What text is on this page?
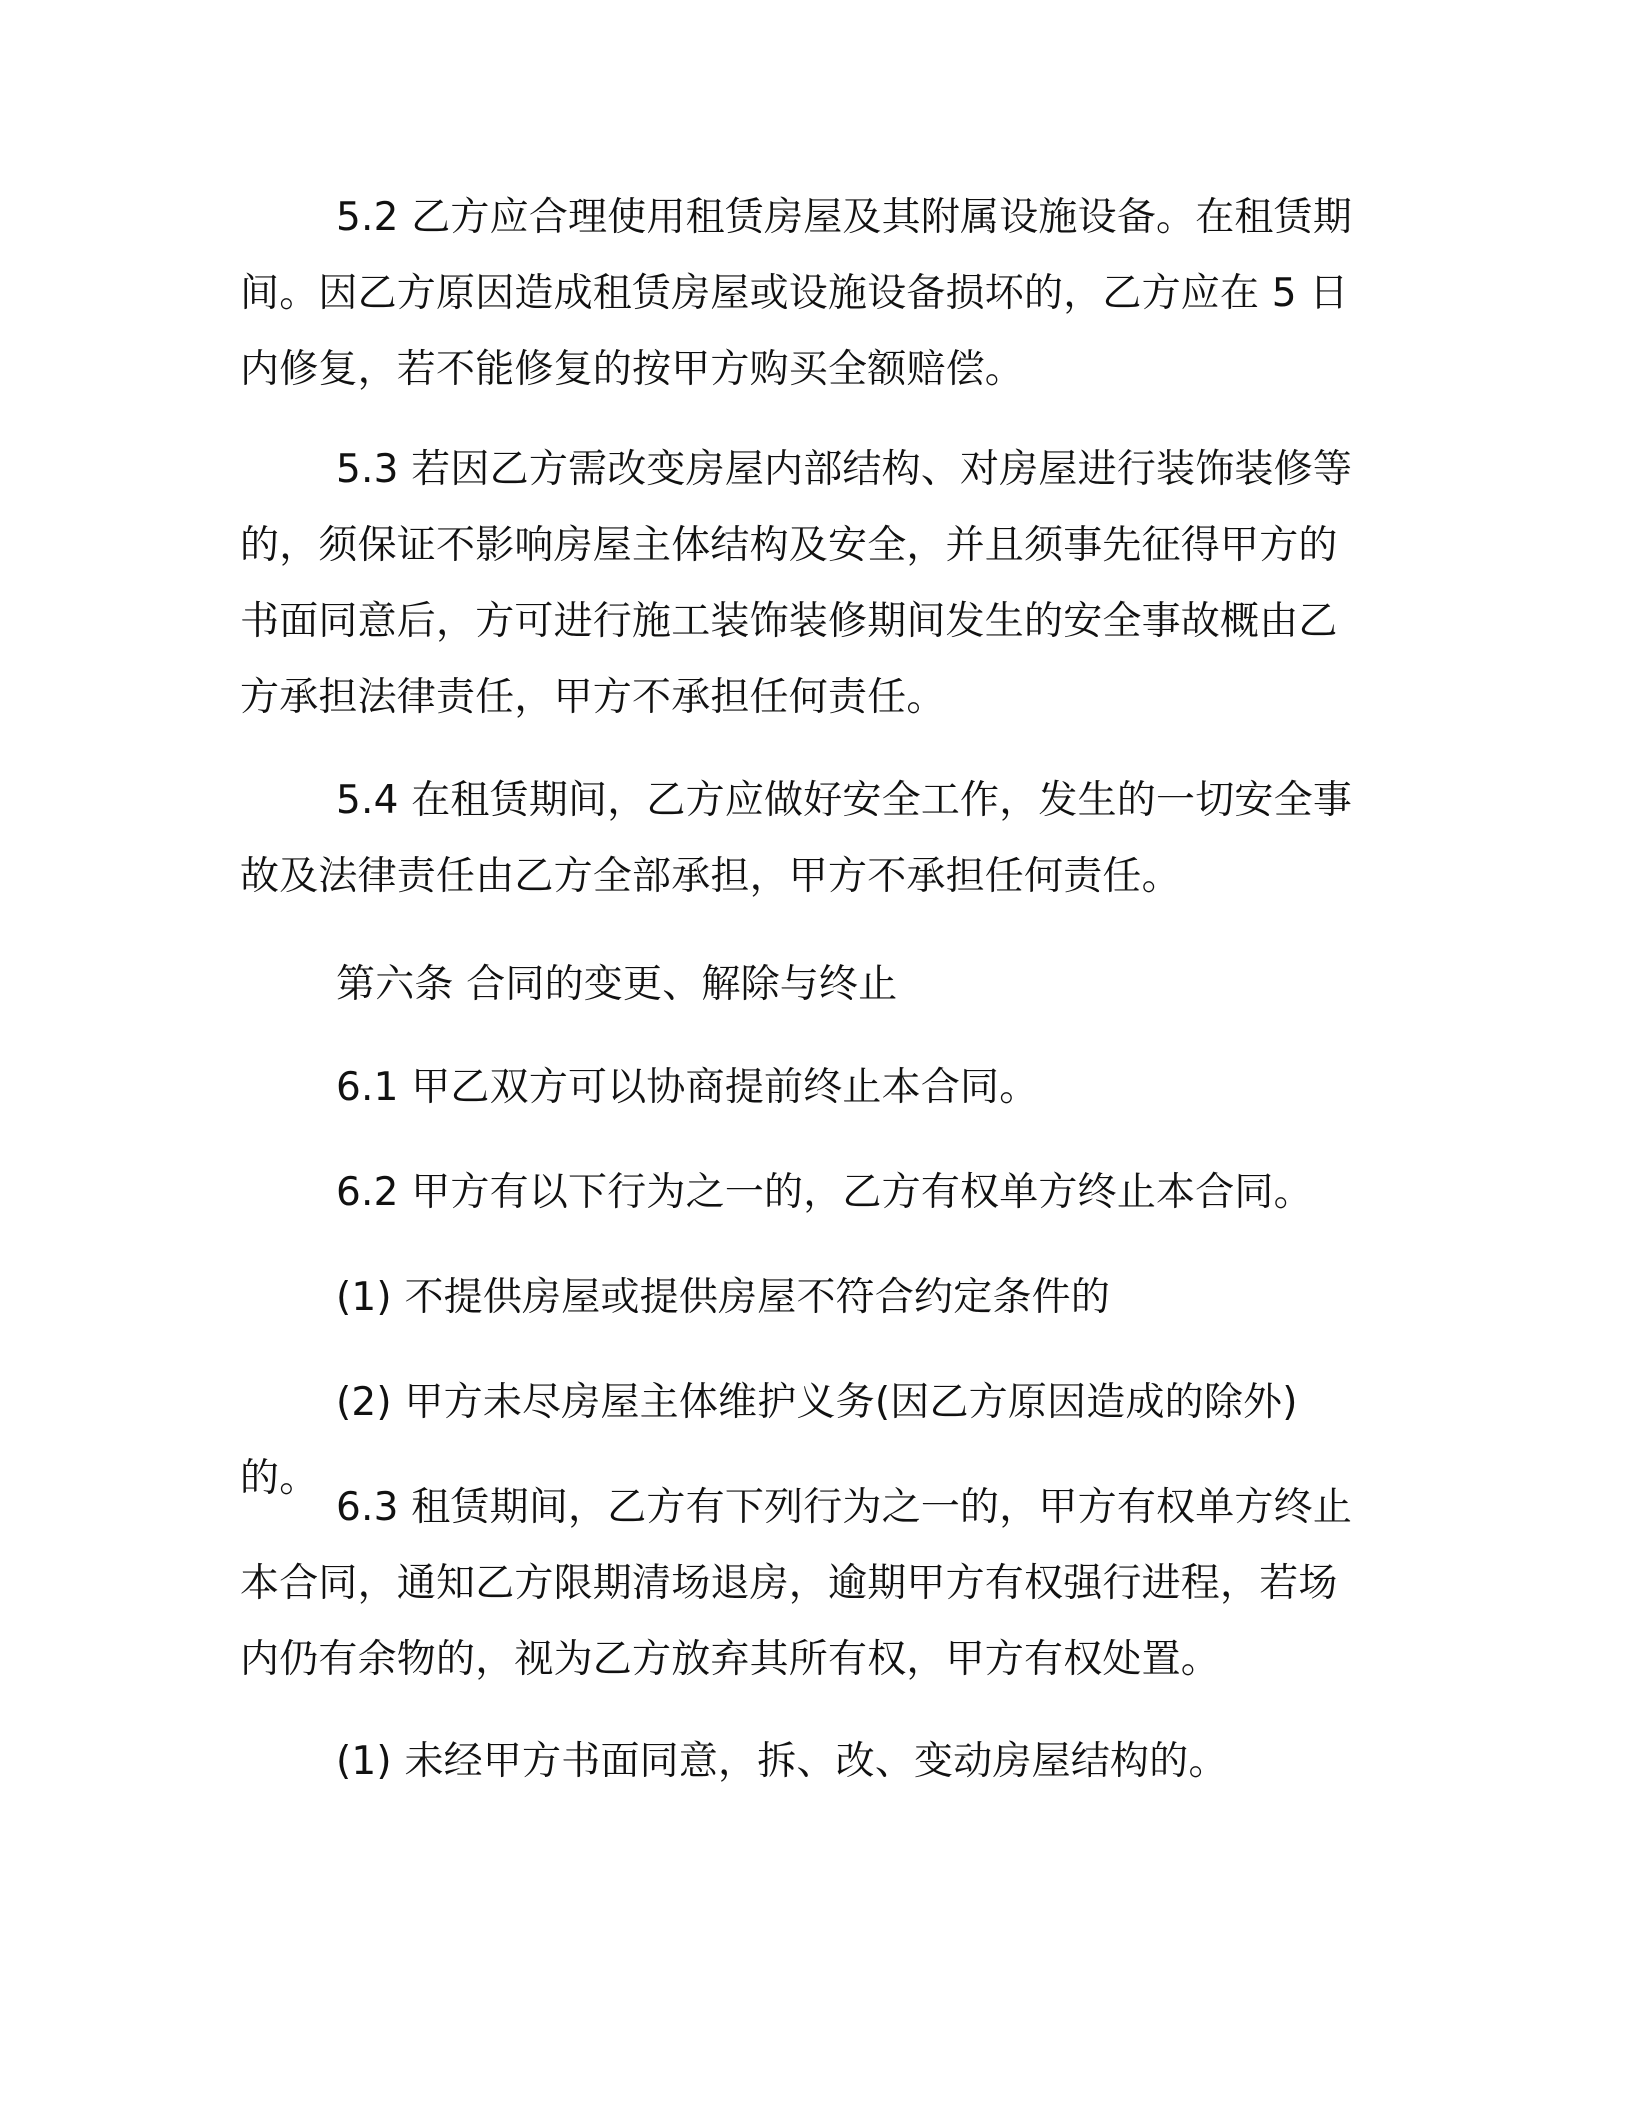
5.2 乙方应合理使用租赁房屋及其附属设施设备。在租赁期间。因乙方原因造成租赁房屋或设施设备损坏的，乙方应在 5 日内修复，若不能修复的按甲方购买全额赔偿。

5.3 若因乙方需改变房屋内部结构、对房屋进行装饰装修等的，须保证不影响房屋主体结构及安全，并且须事先征得甲方的书面同意后，方可进行施工装饰装修期间发生的安全事故概由乙方承担法律责任，甲方不承担任何责任。

5.4 在租赁期间，乙方应做好安全工作，发生的一切安全事故及法律责任由乙方全部承担，甲方不承担任何责任。

第六条 合同的变更、解除与终止

6.1 甲乙双方可以协商提前终止本合同。

6.2 甲方有以下行为之一的，乙方有权单方终止本合同。

(1) 不提供房屋或提供房屋不符合约定条件的

(2) 甲方未尽房屋主体维护义务(因乙方原因造成的除外)的。

6.3 租赁期间，乙方有下列行为之一的，甲方有权单方终止本合同，通知乙方限期清场退房，逾期甲方有权强行进程，若场内仍有余物的，视为乙方放弃其所有权，甲方有权处置。

(1) 未经甲方书面同意，拆、改、变动房屋结构的。
